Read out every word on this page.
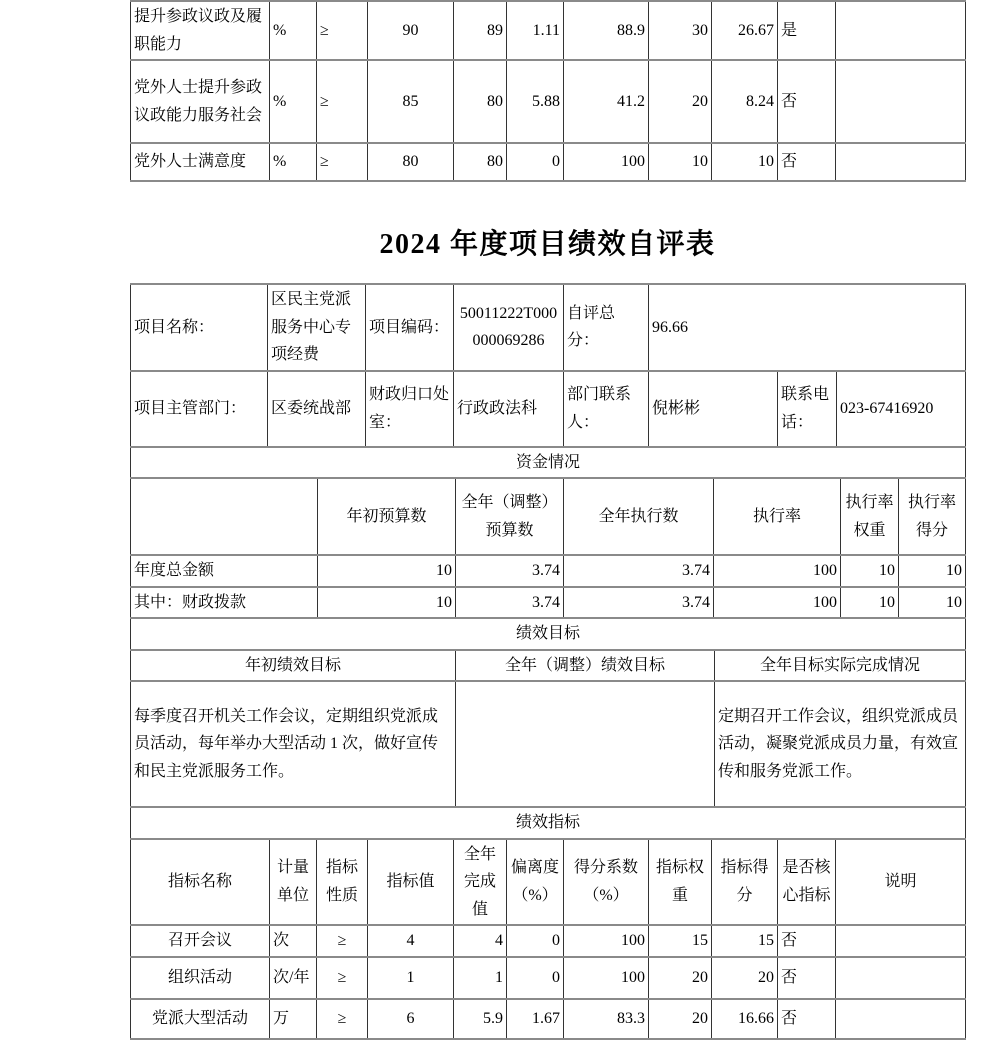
提升参政议政及履职能力	%	≥	90	89	1.11	88.9	30	26.67	是	
党外人士提升参政议政能力服务社会	%	≥	85	80	5.88	41.2	20	8.24	否	
党外人士满意度	%	≥	80	80	0	100	10	10	否	
2024 年度项目绩效自评表
项目名称：	区民主党派服务中心专项经费	项目编码：	50011222T000000069286	自评总分：	96.66		
项目主管部门：	区委统战部	财政归口处室：	行政政法科	部门联系人：	倪彬彬	联系电话：	023-67416920
资金情况						
	年初预算数	全年（调整）预算数	全年执行数	执行率	执行率权重	执行率得分
年度总金额	10	3.74	3.74	100	10	10
其中：财政拨款	10	3.74	3.74	100	10	10
绩效目标		
年初绩效目标	全年（调整）绩效目标	全年目标实际完成情况
每季度召开机关工作会议，定期组织党派成员活动，每年举办大型活动 1 次，做好宣传和民主党派服务工作。		定期召开工作会议，组织党派成员活动，凝聚党派成员力量，有效宣传和服务党派工作。
绩效指标										
指标名称	计量单位	指标性质	指标值	全年完成值	偏离度（%）	得分系数（%）	指标权重	指标得分	是否核心指标	说明
召开会议	次	≥	4	4	0	100	15	15	否	
组织活动	次/年	≥	1	1	0	100	20	20	否	
党派大型活动	万	≥	6	5.9	1.67	83.3	20	16.66	否	
